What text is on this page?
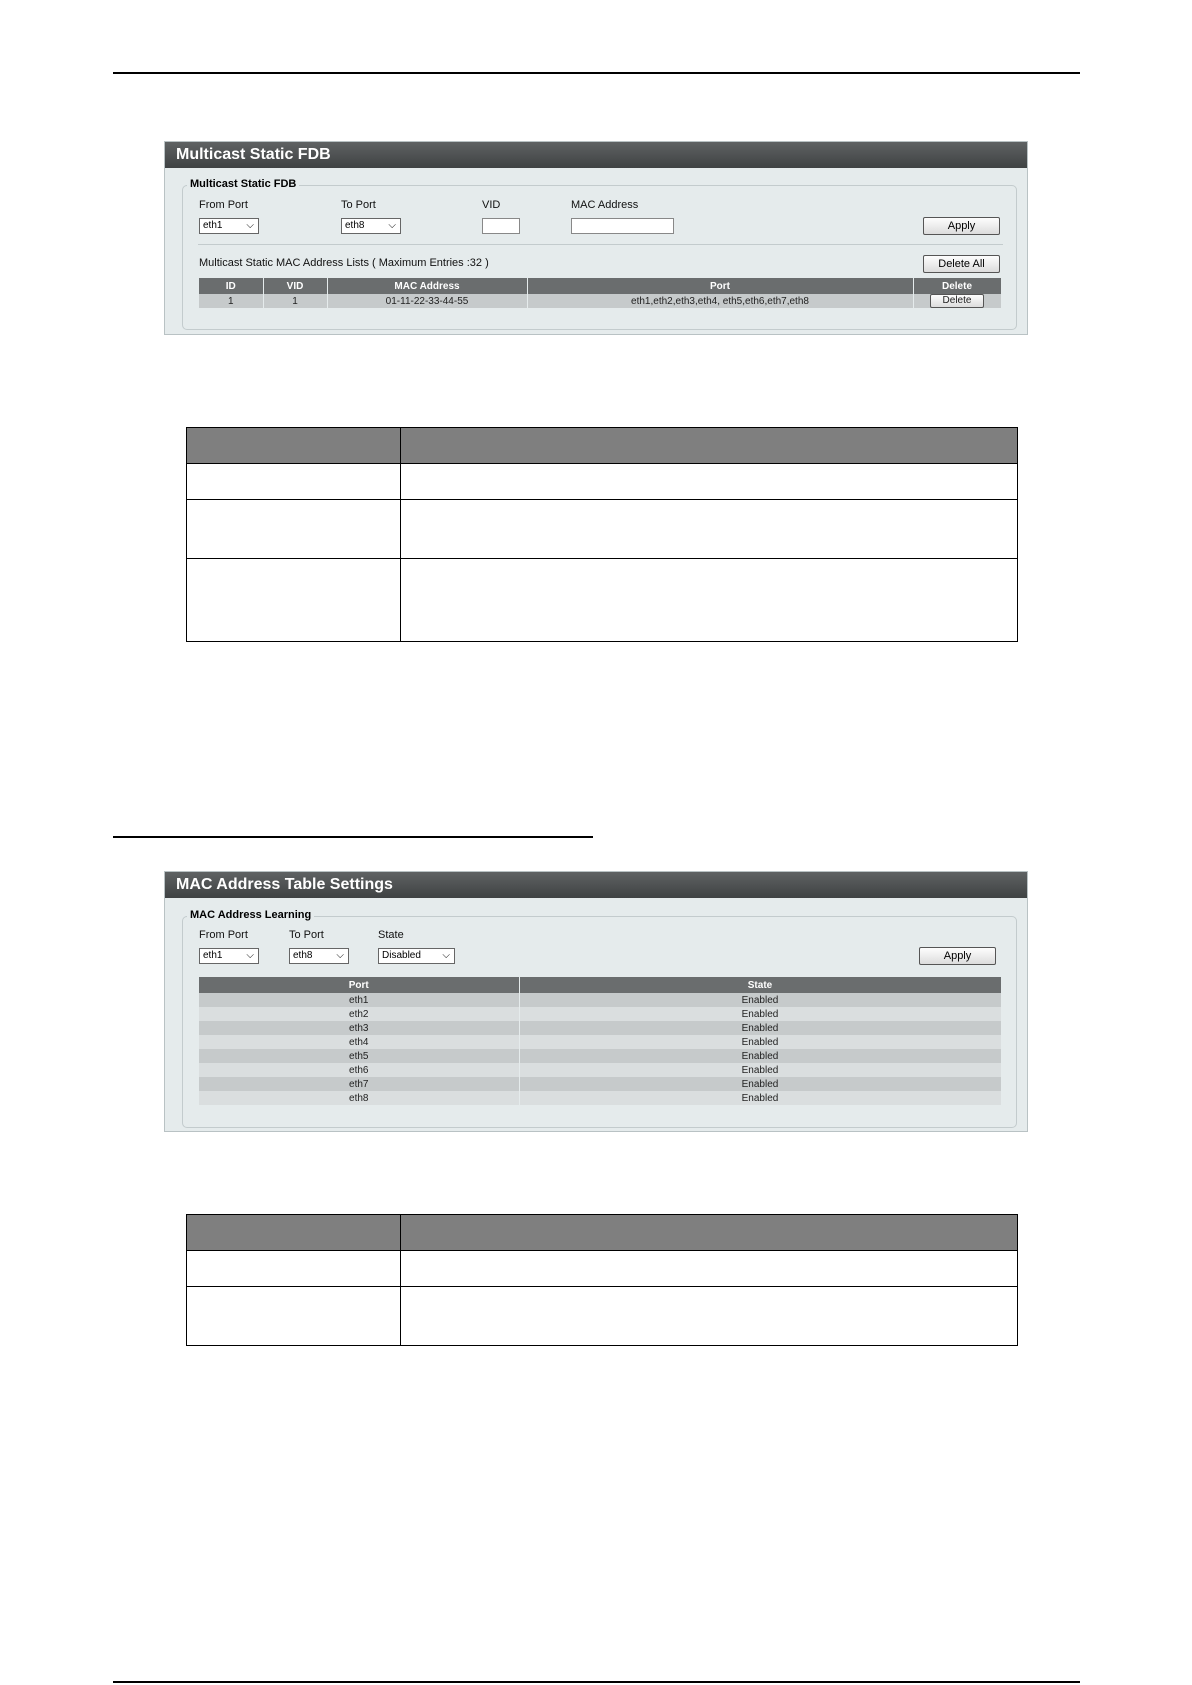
Multicast Static FDB
Multicast Static FDB
From Port
eth1 ⌵
To Port
eth8 ⌵
VID	MAC Address
Apply
Multicast Static MAC Address Lists ( Maximum Entries :32 )	Delete All
ID	VID	MAC Address	Port	Delete
1	1	01-11-22-33-44-55	eth1,eth2,eth3,eth4, eth5,eth6,eth7,eth8	Delete

MAC Address Table Settings
MAC Address Learning
From Port
eth1 ⌵
To Port
eth8 ⌵
State
Disabled ⌵	Apply
Port	State
eth1	Enabled
eth2	Enabled
eth3	Enabled
eth4	Enabled
eth5	Enabled
eth6	Enabled
eth7	Enabled
eth8	Enabled
